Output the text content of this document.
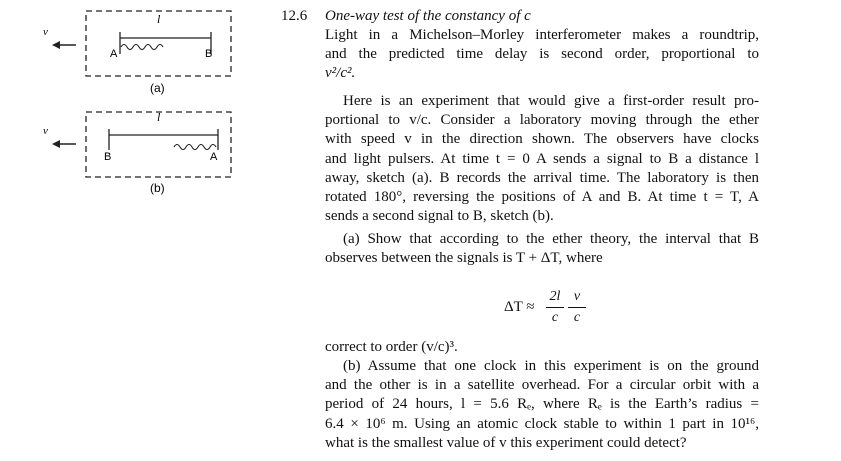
l
A	B
(a)
v
l
B	A
(b)
v
12.6 One-way test of the constancy of c
Light in a Michelson–Morley interferometer makes a roundtrip,
and the predicted time delay is second order, proportional to
v²/c².
Here is an experiment that would give a first-order result pro-
portional to v/c. Consider a laboratory moving through the ether
with speed v in the direction shown. The observers have clocks
and light pulsers. At time t = 0 A sends a signal to B a distance l
away, sketch (a). B records the arrival time. The laboratory is then
rotated 180°, reversing the positions of A and B. At time t = T, A
sends a second signal to B, sketch (b).
(a) Show that according to the ether theory, the interval that B
observes between the signals is T + ΔT, where
correct to order (v/c)³.
(b) Assume that one clock in this experiment is on the ground
and the other is in a satellite overhead. For a circular orbit with a
period of 24 hours, l = 5.6 Rₑ, where Rₑ is the Earth’s radius =
6.4 × 10⁶ m. Using an atomic clock stable to within 1 part in 10¹⁶,
what is the smallest value of v this experiment could detect?
ΔT ≈
2l
c
v
c
